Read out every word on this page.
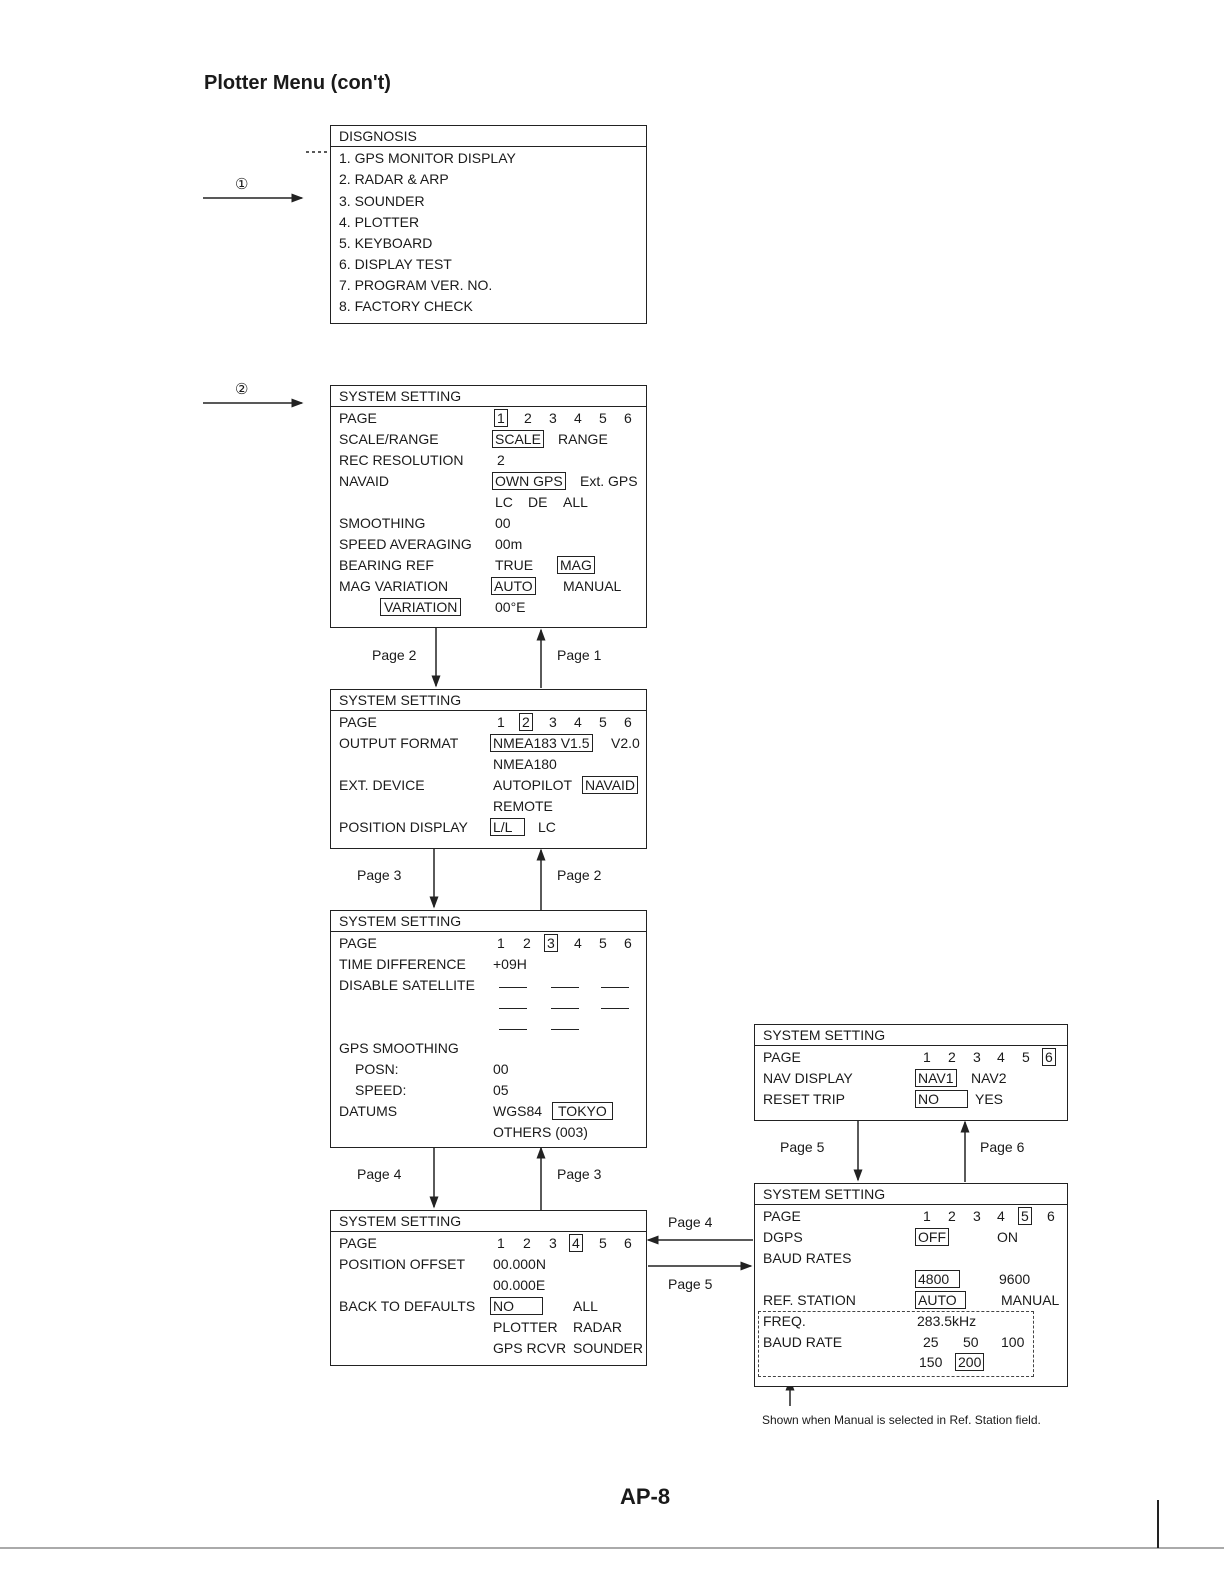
Plotter Menu (con't)
①
②
DISGNOSIS
1. GPS MONITOR DISPLAY
2. RADAR & ARP
3. SOUNDER
4. PLOTTER
5. KEYBOARD
6. DISPLAY TEST
7. PROGRAM VER. NO.
8. FACTORY CHECK
SYSTEM SETTING
PAGE	1 2 3 4 5 6
SCALE/RANGE	SCALE RANGE
REC RESOLUTION 2
NAVAID	OWN GPS Ext. GPS
LC DE ALL
SMOOTHING	00
SPEED AVERAGING 00m
BEARING REF	TRUE MAG
MAG VARIATION	AUTO MANUAL
VARIATION	00°E
Page 2	Page 1
SYSTEM SETTING
PAGE	1 2 3 4 5 6
OUTPUT FORMAT NMEA183 V1.5 V2.0
NMEA180
EXT. DEVICE	AUTOPILOT NAVAID
REMOTE
POSITION DISPLAY L/L	LC
Page 3	Page 2
SYSTEM SETTING
PAGE	1 2 3 4 5 6
TIME DIFFERENCE +09H
DISABLE SATELLITE
GPS SMOOTHING
POSN:	00
SPEED:	05
DATUMS	WGS84	TOKYO
OTHERS (003)
Page 4	Page 3
SYSTEM SETTING
PAGE	1 2 3 4 5 6
POSITION OFFSET 00.000N
00.000E
BACK TO DEFAULTS NO	ALL
PLOTTER RADAR
GPS RCVR SOUNDER
Page 4
Page 5
SYSTEM SETTING
PAGE	1 2 3 4 5 6
NAV DISPLAY	NAV1 NAV2
RESET TRIP	NO	YES
Page 5	Page 6
SYSTEM SETTING
PAGE	1 2 3 4 5 6
DGPS	OFF	ON
BAUD RATES
4800	9600
REF. STATION	AUTO	MANUAL
FREQ.	283.5kHz
BAUD RATE	25 50 100
150 200
Shown when Manual is selected in Ref. Station field.
AP-8
